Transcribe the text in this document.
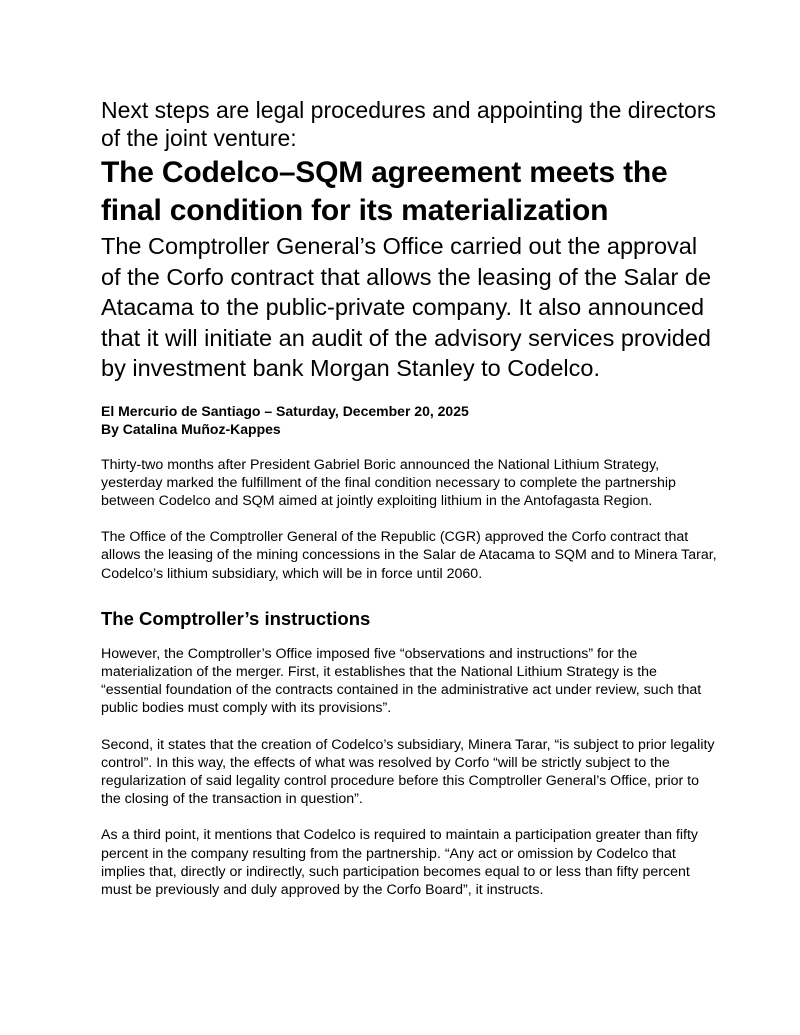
Next steps are legal procedures and appointing the directors of the joint venture:

The Codelco–SQM agreement meets the final condition for its materialization

The Comptroller General’s Office carried out the approval of the Corfo contract that allows the leasing of the Salar de Atacama to the public-private company. It also announced that it will initiate an audit of the advisory services provided by investment bank Morgan Stanley to Codelco.

El Mercurio de Santiago – Saturday, December 20, 2025
By Catalina Muñoz-Kappes

Thirty-two months after President Gabriel Boric announced the National Lithium Strategy, yesterday marked the fulfillment of the final condition necessary to complete the partnership between Codelco and SQM aimed at jointly exploiting lithium in the Antofagasta Region.

The Office of the Comptroller General of the Republic (CGR) approved the Corfo contract that allows the leasing of the mining concessions in the Salar de Atacama to SQM and to Minera Tarar, Codelco’s lithium subsidiary, which will be in force until 2060.

The Comptroller’s instructions

However, the Comptroller’s Office imposed five “observations and instructions” for the materialization of the merger. First, it establishes that the National Lithium Strategy is the “essential foundation of the contracts contained in the administrative act under review, such that public bodies must comply with its provisions”.

Second, it states that the creation of Codelco’s subsidiary, Minera Tarar, “is subject to prior legality control”. In this way, the effects of what was resolved by Corfo “will be strictly subject to the regularization of said legality control procedure before this Comptroller General’s Office, prior to the closing of the transaction in question”.

As a third point, it mentions that Codelco is required to maintain a participation greater than fifty percent in the company resulting from the partnership. “Any act or omission by Codelco that implies that, directly or indirectly, such participation becomes equal to or less than fifty percent must be previously and duly approved by the Corfo Board”, it instructs.
